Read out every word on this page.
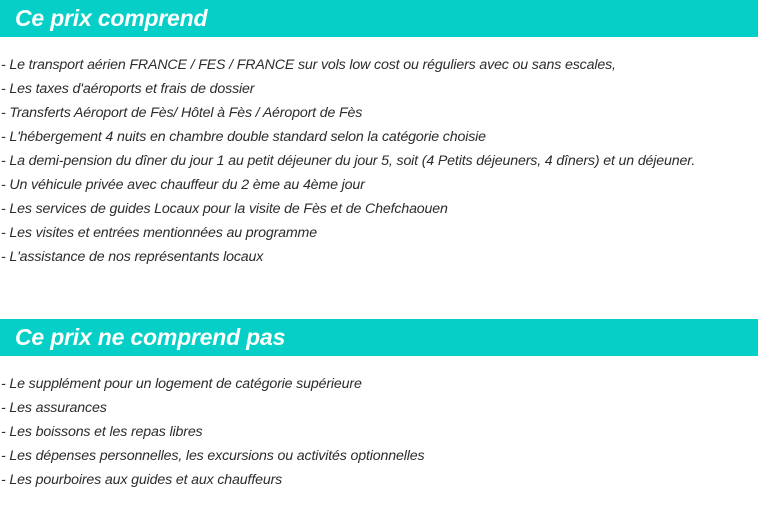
Ce prix comprend
- Le transport aérien FRANCE / FES / FRANCE sur vols low cost ou réguliers avec ou sans escales,
- Les taxes d'aéroports et frais de dossier
- Transferts Aéroport de Fès/ Hôtel à Fès / Aéroport de Fès
- L'hébergement 4 nuits en chambre double standard selon la catégorie choisie
- La demi-pension du dîner du jour 1 au petit déjeuner du jour 5, soit (4 Petits déjeuners, 4 dîners) et un déjeuner.
- Un véhicule privée avec chauffeur du 2 ème au 4ème jour
- Les services de guides Locaux pour la visite de Fès et de Chefchaouen
- Les visites et entrées mentionnées au programme
- L'assistance de nos représentants locaux
Ce prix ne comprend pas
- Le supplément pour un logement de catégorie supérieure
- Les assurances
- Les boissons et les repas libres
- Les dépenses personnelles, les excursions ou activités optionnelles
- Les pourboires aux guides et aux chauffeurs
